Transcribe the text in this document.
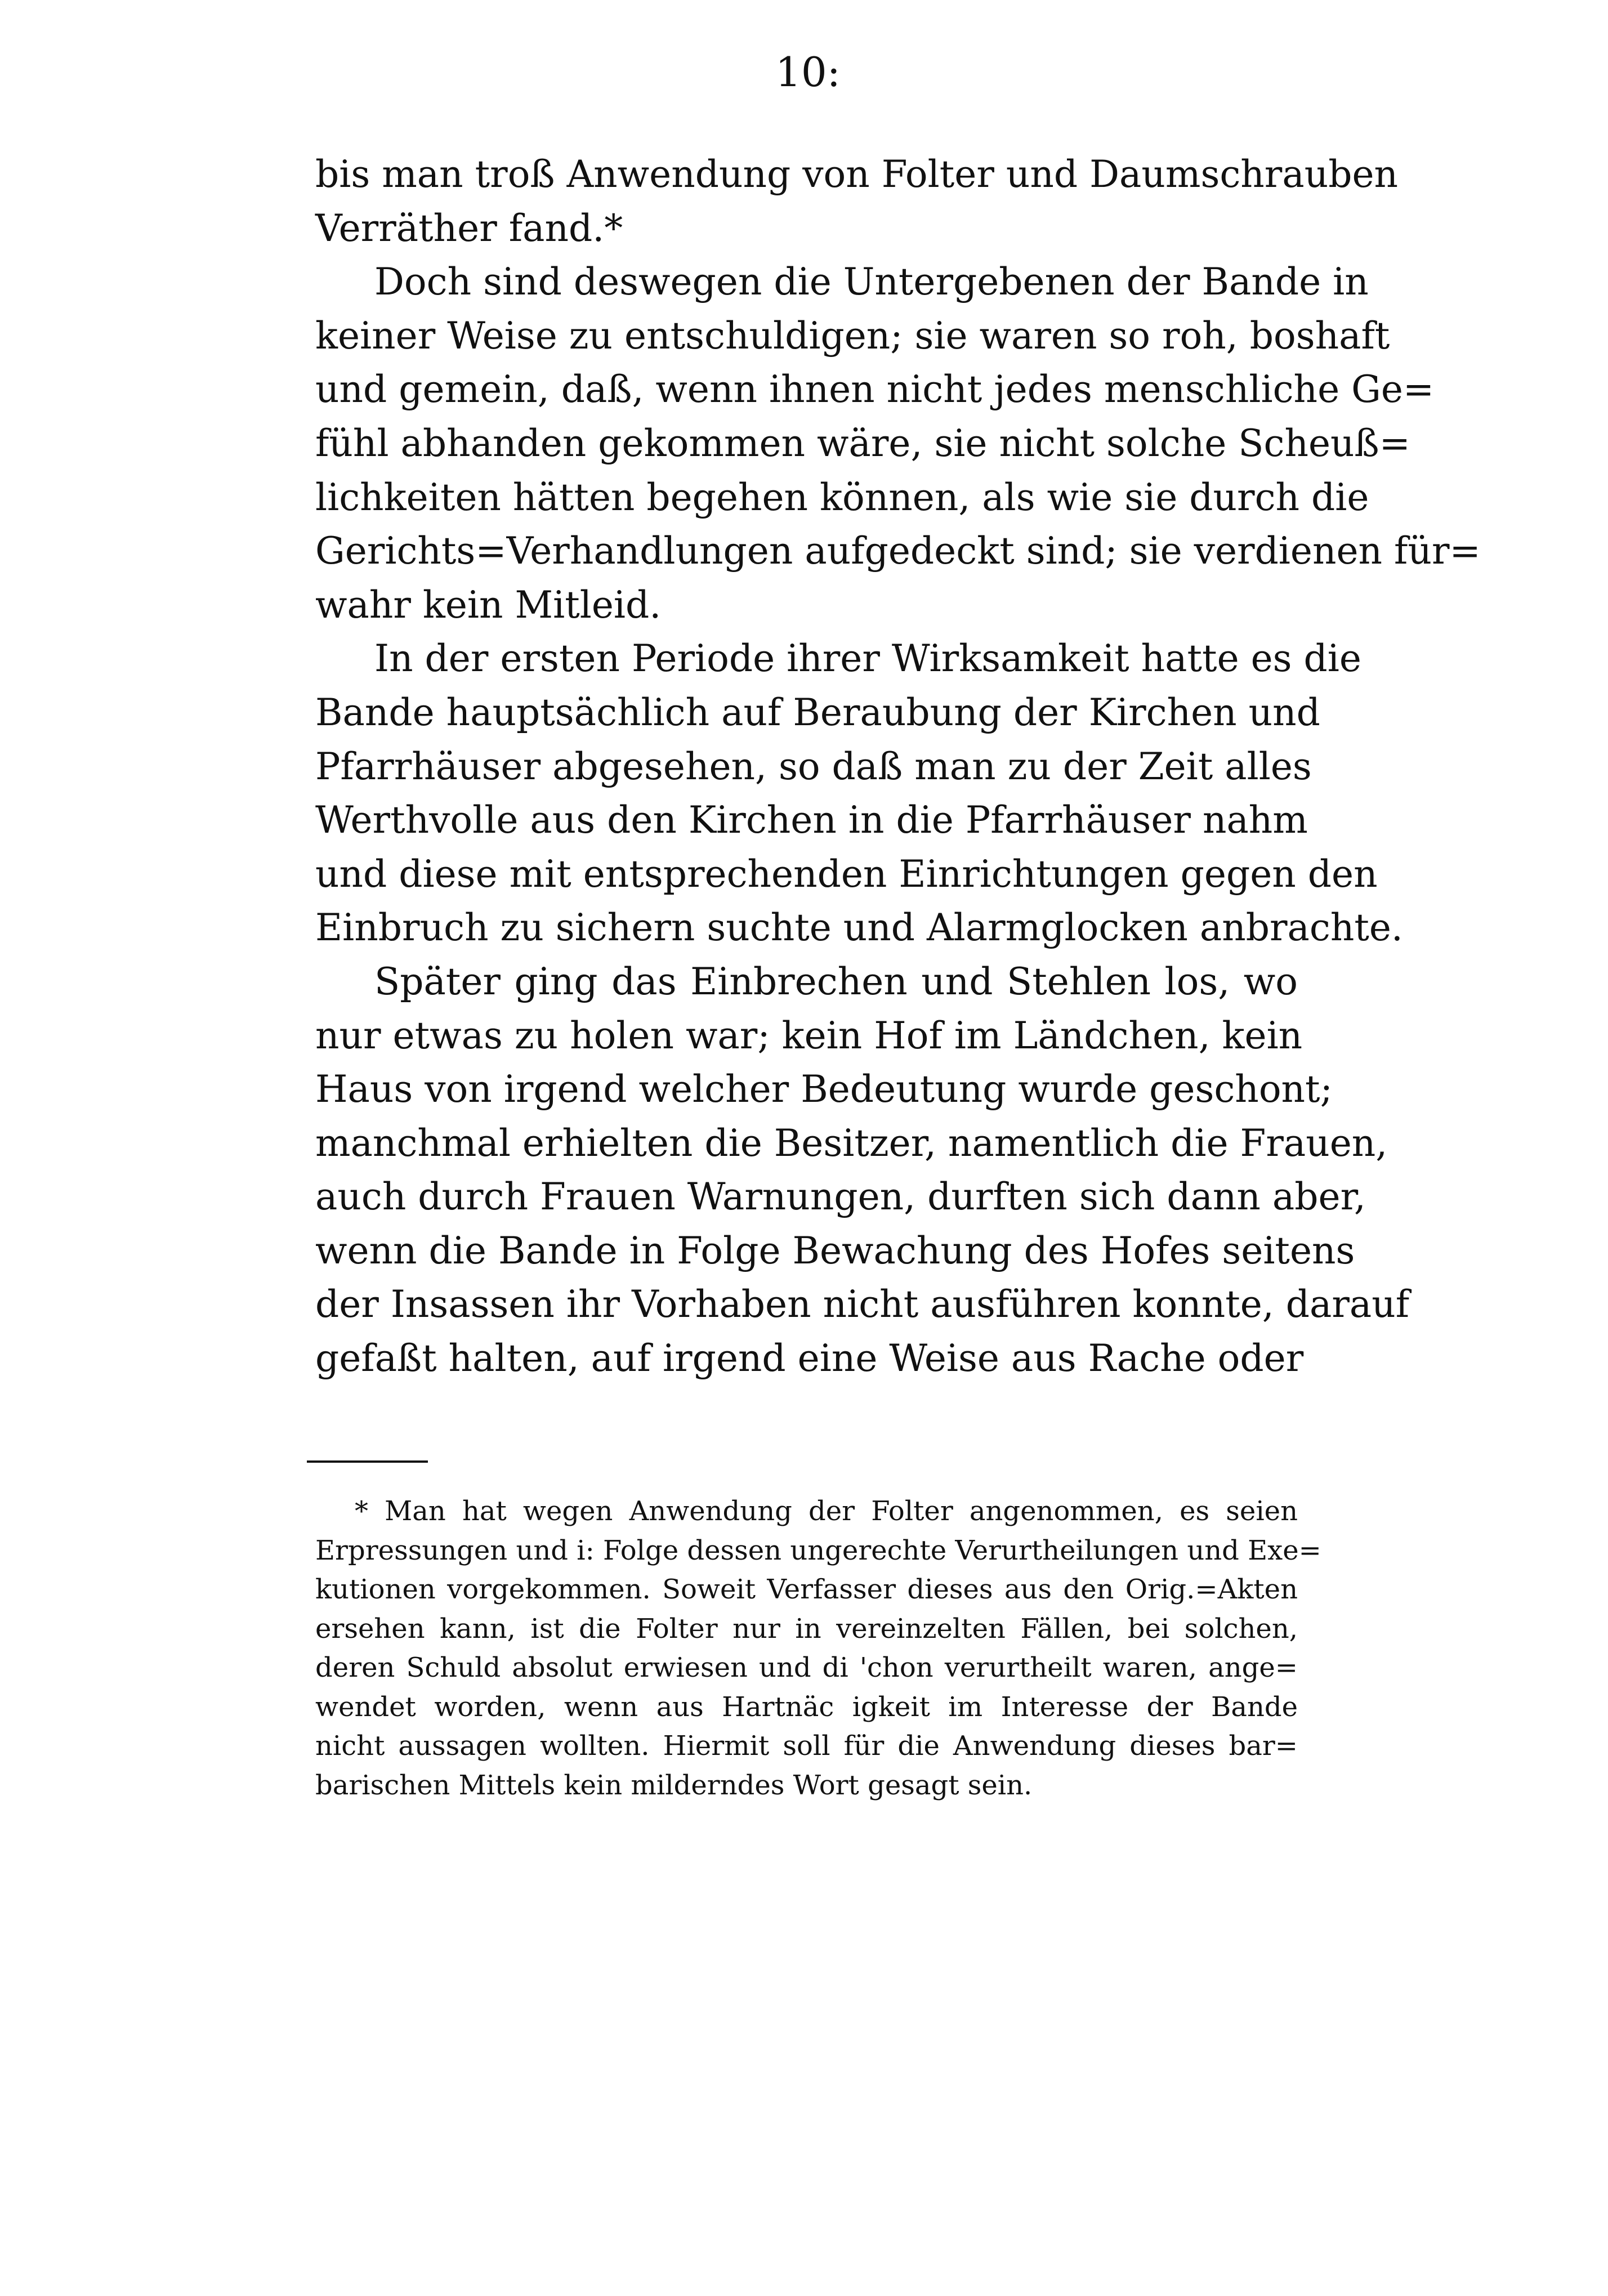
10:
bis man troß Anwendung von Folter und Daumschrauben
Verräther fand.*
Doch sind deswegen die Untergebenen der Bande in
keiner Weise zu entschuldigen; sie waren so roh, boshaft
und gemein, daß, wenn ihnen nicht jedes menschliche Ge=
fühl abhanden gekommen wäre, sie nicht solche Scheuß=
lichkeiten hätten begehen können, als wie sie durch die
Gerichts=Verhandlungen aufgedeckt sind; sie verdienen für=
wahr kein Mitleid.
In der ersten Periode ihrer Wirksamkeit hatte es die
Bande hauptsächlich auf Beraubung der Kirchen und
Pfarrhäuser abgesehen, so daß man zu der Zeit alles
Werthvolle aus den Kirchen in die Pfarrhäuser nahm
und diese mit entsprechenden Einrichtungen gegen den
Einbruch zu sichern suchte und Alarmglocken anbrachte.
Später ging das Einbrechen und Stehlen los, wo
nur etwas zu holen war; kein Hof im Ländchen, kein
Haus von irgend welcher Bedeutung wurde geschont;
manchmal erhielten die Besitzer, namentlich die Frauen,
auch durch Frauen Warnungen, durften sich dann aber,
wenn die Bande in Folge Bewachung des Hofes seitens
der Insassen ihr Vorhaben nicht ausführen konnte, darauf
gefaßt halten, auf irgend eine Weise aus Rache oder
* Man hat wegen Anwendung der Folter angenommen, es seien
Erpressungen und i: Folge dessen ungerechte Verurtheilungen und Exe=
kutionen vorgekommen. Soweit Verfasser dieses aus den Orig.=Akten
ersehen kann, ist die Folter nur in vereinzelten Fällen, bei solchen,
deren Schuld absolut erwiesen und di 'chon verurtheilt waren, ange=
wendet worden, wenn aus Hartnäc igkeit im Interesse der Bande
nicht aussagen wollten. Hiermit soll für die Anwendung dieses bar=
barischen Mittels kein milderndes Wort gesagt sein.
